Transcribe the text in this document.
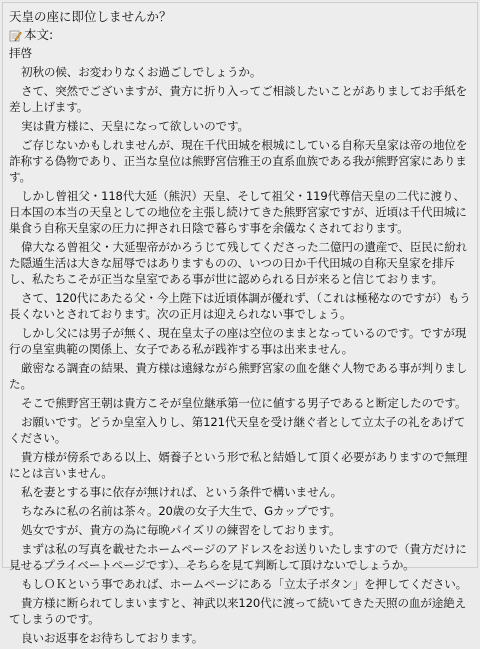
天皇の座に即位しませんか？
本文:

拝啓

初秋の候、お変わりなくお過ごしでしょうか。

さて、突然でございますが、貴方に折り入ってご相談したいことがありましてお手紙を差し上げます。

実は貴方様に、天皇になって欲しいのです。

ご存じないかもしれませんが、現在千代田城を根城にしている自称天皇家は帝の地位を詐称する偽物であり、正当な皇位は熊野宮信雅王の直系血族である我が熊野宮家にあります。

しかし曾祖父・118代大延（熊沢）天皇、そして祖父・119代尊信天皇の二代に渡り、日本国の本当の天皇としての地位を主張し続けてきた熊野宮家ですが、近頃は千代田城に巣食う自称天皇家の圧力に押され日陰で暮らす事を余儀なくされております。

偉大なる曾祖父・大延聖帝がかろうじて残してくださった二億円の遺産で、臣民に紛れた隠遁生活は大きな屈辱ではありますものの、いつの日か千代田城の自称天皇家を排斥し、私たちこそが正当な皇室である事が世に認められる日が来ると信じております。

さて、120代にあたる父・今上陛下は近頃体調が優れず、（これは極秘なのですが）もう長くないとされております。次の正月は迎えられない事でしょう。

しかし父には男子が無く、現在皇太子の座は空位のままとなっているのです。ですが現行の皇室典範の関係上、女子である私が践祚する事は出来ません。

厳密なる調査の結果、貴方様は遠縁ながら熊野宮家の血を継ぐ人物である事が判りました。

そこで熊野宮王朝は貴方こそが皇位継承第一位に値する男子であると断定したのです。

お願いです。どうか皇室入りし、第121代天皇を受け継ぐ者として立太子の礼をあげてください。

貴方様が傍系である以上、婿養子という形で私と結婚して頂く必要がありますので無理にとは言いません。

私を妻とする事に依存が無ければ、という条件で構いません。

ちなみに私の名前は茶々。20歳の女子大生で、Gカップです。

処女ですが、貴方の為に毎晩パイズリの練習をしております。

まずは私の写真を載せたホームページのアドレスをお送りいたしますので（貴方だけに見せるプライベートページです）、そちらを見て判断して頂けないでしょうか。

もしＯＫという事であれば、ホームページにある「立太子ボタン」を押してください。

貴方様に断られてしまいますと、神武以来120代に渡って続いてきた天照の血が途絶えてしまうのです。

良いお返事をお待ちしております。
